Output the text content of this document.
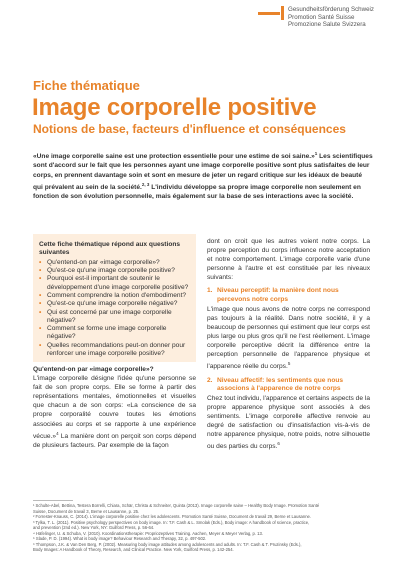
Gesundheitsförderung Schweiz
Promotion Santé Suisse
Promozione Salute Svizzera
Fiche thématique
Image corporelle positive
Notions de base, facteurs d'influence et conséquences
«Une image corporelle saine est une protection essentielle pour une estime de soi saine.»$^1$ Les scientifiques sont d'accord sur le fait que les personnes ayant une image corporelle positive sont plus satisfaites de leur corps, en prennent davantage soin et sont en mesure de jeter un regard critique sur les idéaux de beauté qui prévalent au sein de la société.$^{2, 3}$ L'individu développe sa propre image corporelle non seulement en fonction de son évolution personnelle, mais également sur la base de ses interactions avec la société.
Cette fiche thématique répond aux questions suivantes
• Qu'entend-on par «image corporelle»?
• Qu'est-ce qu'une image corporelle positive?
• Pourquoi est-il important de soutenir le développement d'une image corporelle positive?
• Comment comprendre la notion d'embodiment?
• Qu'est-ce qu'une image corporelle négative?
• Qui est concerné par une image corporelle négative?
• Comment se forme une image corporelle négative?
• Quelles recommandations peut-on donner pour renforcer une image corporelle positive?
Qu'entend-on par «image corporelle»?

L'image corporelle désigne l'idée qu'une personne se fait de son propre corps. Elle se forme à partir des représentations mentales, émotionnelles et visuelles que chacun a de son corps: «La conscience de sa propre corporalité couvre toutes les émotions associées au corps et se rapporte à une expérience vécue.»$^4$ La manière dont on perçoit son corps dépend de plusieurs facteurs. Par exemple de la façon

dont on croit que les autres voient notre corps. La propre perception du corps influence notre acceptation et notre comportement. L'image corporelle varie d'une personne à l'autre et est constituée par les niveaux suivants:

1. Niveau perceptif: la manière dont nous
percevons notre corps

L'image que nous avons de notre corps ne correspond pas toujours à la réalité. Dans notre société, il y a beaucoup de personnes qui estiment que leur corps est plus large ou plus gros qu'il ne l'est réellement. L'image corporelle perceptive décrit la différence entre la perception personnelle de l'apparence physique et l'apparence réelle du corps.$^5$

2. Niveau affectif: les sentiments que nous
associons à l'apparence de notre corps

Chez tout individu, l'apparence et certains aspects de la propre apparence physique sont associés à des sentiments. L'image corporelle affective renvoie au degré de satisfaction ou d'insatisfaction vis-à-vis de notre apparence physique, notre poids, notre silhouette ou des parties du corps.$^6$

¹ Schulte-Abel, Bettina, Testera Borrelli, Chiara, Schär, Christa & Schneiter, Quinta (2013). Image corporelle saine – Healthy Body Image. Promotion Santé
Suisse, Document de travail 3, Berne et Lausanne, p. 25.
² Forrester-Knauss, C. (2014). L'image corporelle positive chez les adolescents. Promotion Santé Suisse, Document de travail 29, Berne et Lausanne.
³ Tylka, T. L. (2011). Positive psychology perspectives on body image. In: T.F. Cash & L. Smolak (Eds.), Body image: A handbook of science, practice,
and prevention (2nd ed.). New York, NY: Guilford Press, p. 56-64.
⁴ Häfelinger, U. & Schuba, V. (2010). Koordinationstherapie: Propriozeptives Training. Aachen, Meyer & Meyer Verlag, p. 13.
⁵ Slade, P. D. (1994). What is body image? Behaviour Research and Therapy, 32, p. 497-502.
⁶ Thompson, J.K. & Van Den Berg, P. (2002). Measuring body image attitudes among adolescents and adults. In: T.F. Cash & T. Pruzinsky (Eds.),
Body Images: A Handbook of Theory, Research, and Clinical Practice. New York, Guilford Press, p. 142-254.
